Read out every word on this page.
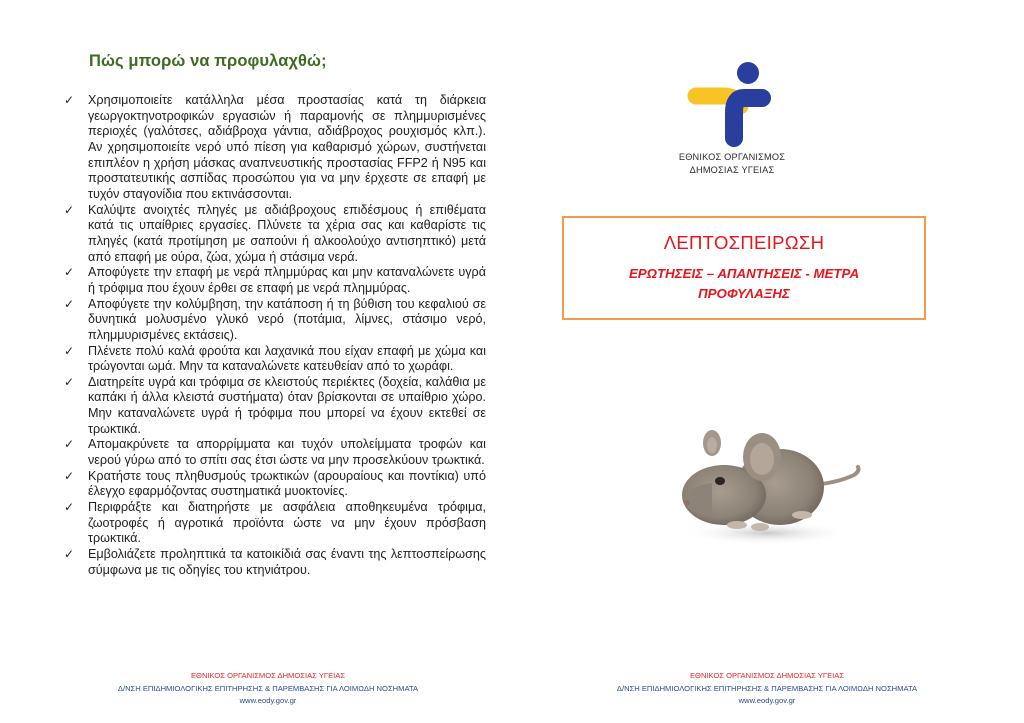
Πώς μπορώ να προφυλαχθώ;
✓ Χρησιμοποιείτε κατάλληλα μέσα προστασίας κατά τη διάρκεια γεωργοκτηνοτροφικών εργασιών ή παραμονής σε πλημμυρισμένες περιοχές (γαλότσες, αδιάβροχα γάντια, αδιάβροχος ρουχισμός κλπ.). Αν χρησιμοποιείτε νερό υπό πίεση για καθαρισμό χώρων, συστήνεται επιπλέον η χρήση μάσκας αναπνευστικής προστασίας FFP2 ή N95 και προστατευτικής ασπίδας προσώπου για να μην έρχεστε σε επαφή με τυχόν σταγονίδια που εκτινάσσονται.
✓ Καλύψτε ανοιχτές πληγές με αδιάβροχους επιδέσμους ή επιθέματα κατά τις υπαίθριες εργασίες. Πλύνετε τα χέρια σας και καθαρίστε τις πληγές (κατά προτίμηση με σαπούνι ή αλκοολούχο αντισηπτικό) μετά από επαφή με ούρα, ζώα, χώμα ή στάσιμα νερά.
✓ Αποφύγετε την επαφή με νερά πλημμύρας και μην καταναλώνετε υγρά ή τρόφιμα που έχουν έρθει σε επαφή με νερά πλημμύρας.
✓ Αποφύγετε την κολύμβηση, την κατάποση ή τη βύθιση του κεφαλιού σε δυνητικά μολυσμένο γλυκό νερό (ποτάμια, λίμνες, στάσιμο νερό, πλημμυρισμένες εκτάσεις).
✓ Πλένετε πολύ καλά φρούτα και λαχανικά που είχαν επαφή με χώμα και τρώγονται ωμά. Μην τα καταναλώνετε κατευθείαν από το χωράφι.
✓ Διατηρείτε υγρά και τρόφιμα σε κλειστούς περιέκτες (δοχεία, καλάθια με καπάκι ή άλλα κλειστά συστήματα) όταν βρίσκονται σε υπαίθριο χώρο. Μην καταναλώνετε υγρά ή τρόφιμα που μπορεί να έχουν εκτεθεί σε τρωκτικά.
✓ Απομακρύνετε τα απορρίμματα και τυχόν υπολείμματα τροφών και νερού γύρω από το σπίτι σας έτσι ώστε να μην προσελκύουν τρωκτικά.
✓ Κρατήστε τους πληθυσμούς τρωκτικών (αρουραίους και ποντίκια) υπό έλεγχο εφαρμόζοντας συστηματικά μυοκτονίες.
✓ Περιφράξτε και διατηρήστε με ασφάλεια αποθηκευμένα τρόφιμα, ζωοτροφές ή αγροτικά προϊόντα ώστε να μην έχουν πρόσβαση τρωκτικά.
✓ Εμβολιάζετε προληπτικά τα κατοικίδιά σας έναντι της λεπτοσπείρωσης σύμφωνα με τις οδηγίες του κτηνιάτρου.
ΕΘΝΙΚΟΣ ΟΡΓΑΝΙΣΜΟΣ ΔΗΜΟΣΙΑΣ ΥΓΕΙΑΣ
Δ/ΝΣΗ ΕΠΙΔΗΜΙΟΛΟΓΙΚΗΣ ΕΠΙΤΗΡΗΣΗΣ & ΠΑΡΕΜΒΑΣΗΣ ΓΙΑ ΛΟΙΜΩΔΗ ΝΟΣΗΜΑΤΑ
www.eody.gov.gr
ΕΘΝΙΚΟΣ ΟΡΓΑΝΙΣΜΟΣ
ΔΗΜΟΣΙΑΣ ΥΓΕΙΑΣ
ΛΕΠΤΟΣΠΕΙΡΩΣΗ
ΕΡΩΤΗΣΕΙΣ – ΑΠΑΝΤΗΣΕΙΣ - ΜΕΤΡΑ ΠΡΟΦΥΛΑΞΗΣ
ΕΘΝΙΚΟΣ ΟΡΓΑΝΙΣΜΟΣ ΔΗΜΟΣΙΑΣ ΥΓΕΙΑΣ
Δ/ΝΣΗ ΕΠΙΔΗΜΙΟΛΟΓΙΚΗΣ ΕΠΙΤΗΡΗΣΗΣ & ΠΑΡΕΜΒΑΣΗΣ ΓΙΑ ΛΟΙΜΩΔΗ ΝΟΣΗΜΑΤΑ
www.eody.gov.gr
